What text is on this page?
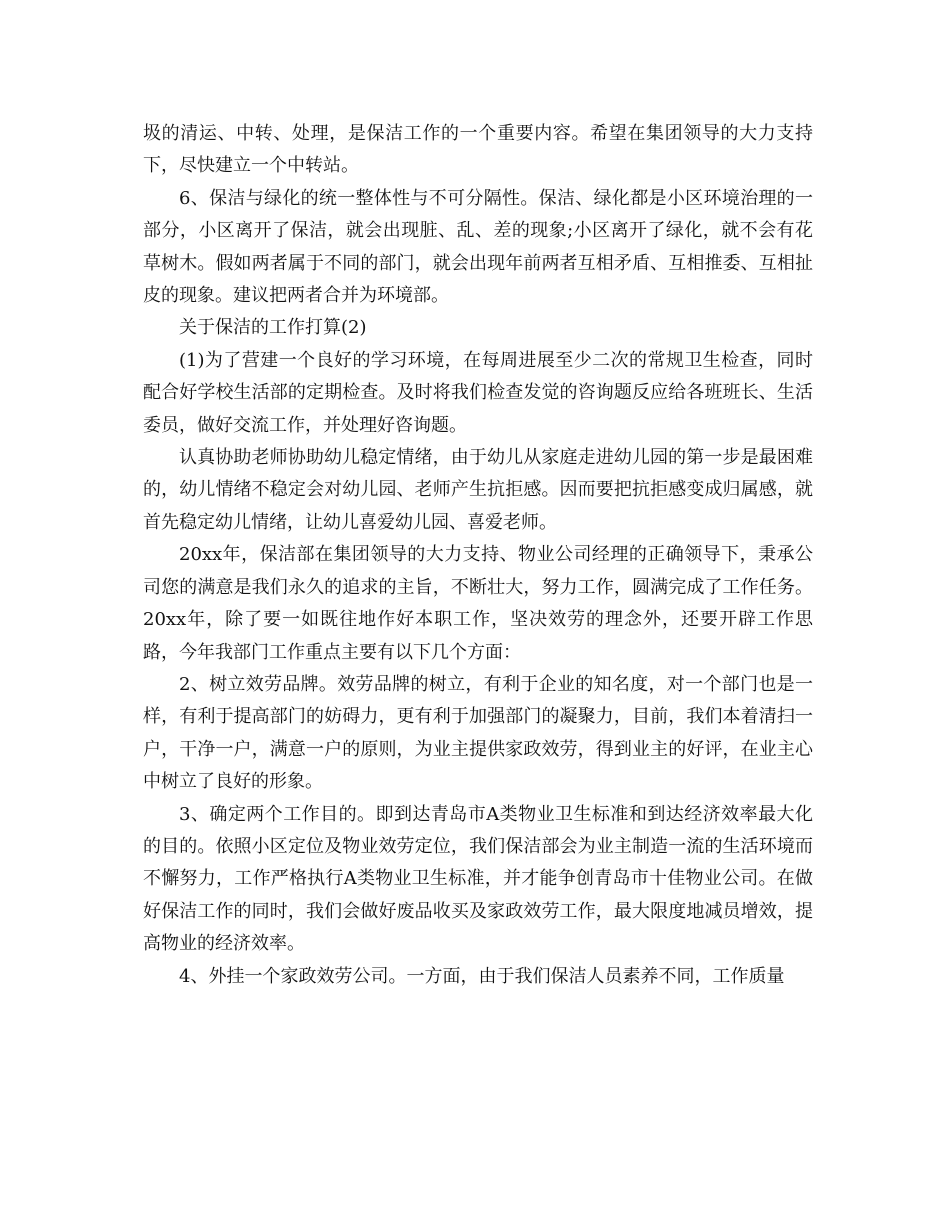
圾的清运、中转、处理，是保洁工作的一个重要内容。希望在集团领导的大力支持下，尽快建立一个中转站。

6、保洁与绿化的统一整体性与不可分隔性。保洁、绿化都是小区环境治理的一部分，小区离开了保洁，就会出现脏、乱、差的现象;小区离开了绿化，就不会有花草树木。假如两者属于不同的部门，就会出现年前两者互相矛盾、互相推委、互相扯皮的现象。建议把两者合并为环境部。

关于保洁的工作打算(2)

(1)为了营建一个良好的学习环境，在每周进展至少二次的常规卫生检查，同时配合好学校生活部的定期检查。及时将我们检查发觉的咨询题反应给各班班长、生活委员，做好交流工作，并处理好咨询题。

认真协助老师协助幼儿稳定情绪，由于幼儿从家庭走进幼儿园的第一步是最困难的，幼儿情绪不稳定会对幼儿园、老师产生抗拒感。因而要把抗拒感变成归属感，就首先稳定幼儿情绪，让幼儿喜爱幼儿园、喜爱老师。

20xx年，保洁部在集团领导的大力支持、物业公司经理的正确领导下，秉承公司您的满意是我们永久的追求的主旨，不断壮大，努力工作，圆满完成了工作任务。20xx年，除了要一如既往地作好本职工作，坚决效劳的理念外，还要开辟工作思路，今年我部门工作重点主要有以下几个方面：

2、树立效劳品牌。效劳品牌的树立，有利于企业的知名度，对一个部门也是一样，有利于提高部门的妨碍力，更有利于加强部门的凝聚力，目前，我们本着清扫一户，干净一户，满意一户的原则，为业主提供家政效劳，得到业主的好评，在业主心中树立了良好的形象。

3、确定两个工作目的。即到达青岛市A类物业卫生标准和到达经济效率最大化的目的。依照小区定位及物业效劳定位，我们保洁部会为业主制造一流的生活环境而不懈努力，工作严格执行A类物业卫生标准，并才能争创青岛市十佳物业公司。在做好保洁工作的同时，我们会做好废品收买及家政效劳工作，最大限度地减员增效，提高物业的经济效率。

4、外挂一个家政效劳公司。一方面，由于我们保洁人员素养不同，工作质量
